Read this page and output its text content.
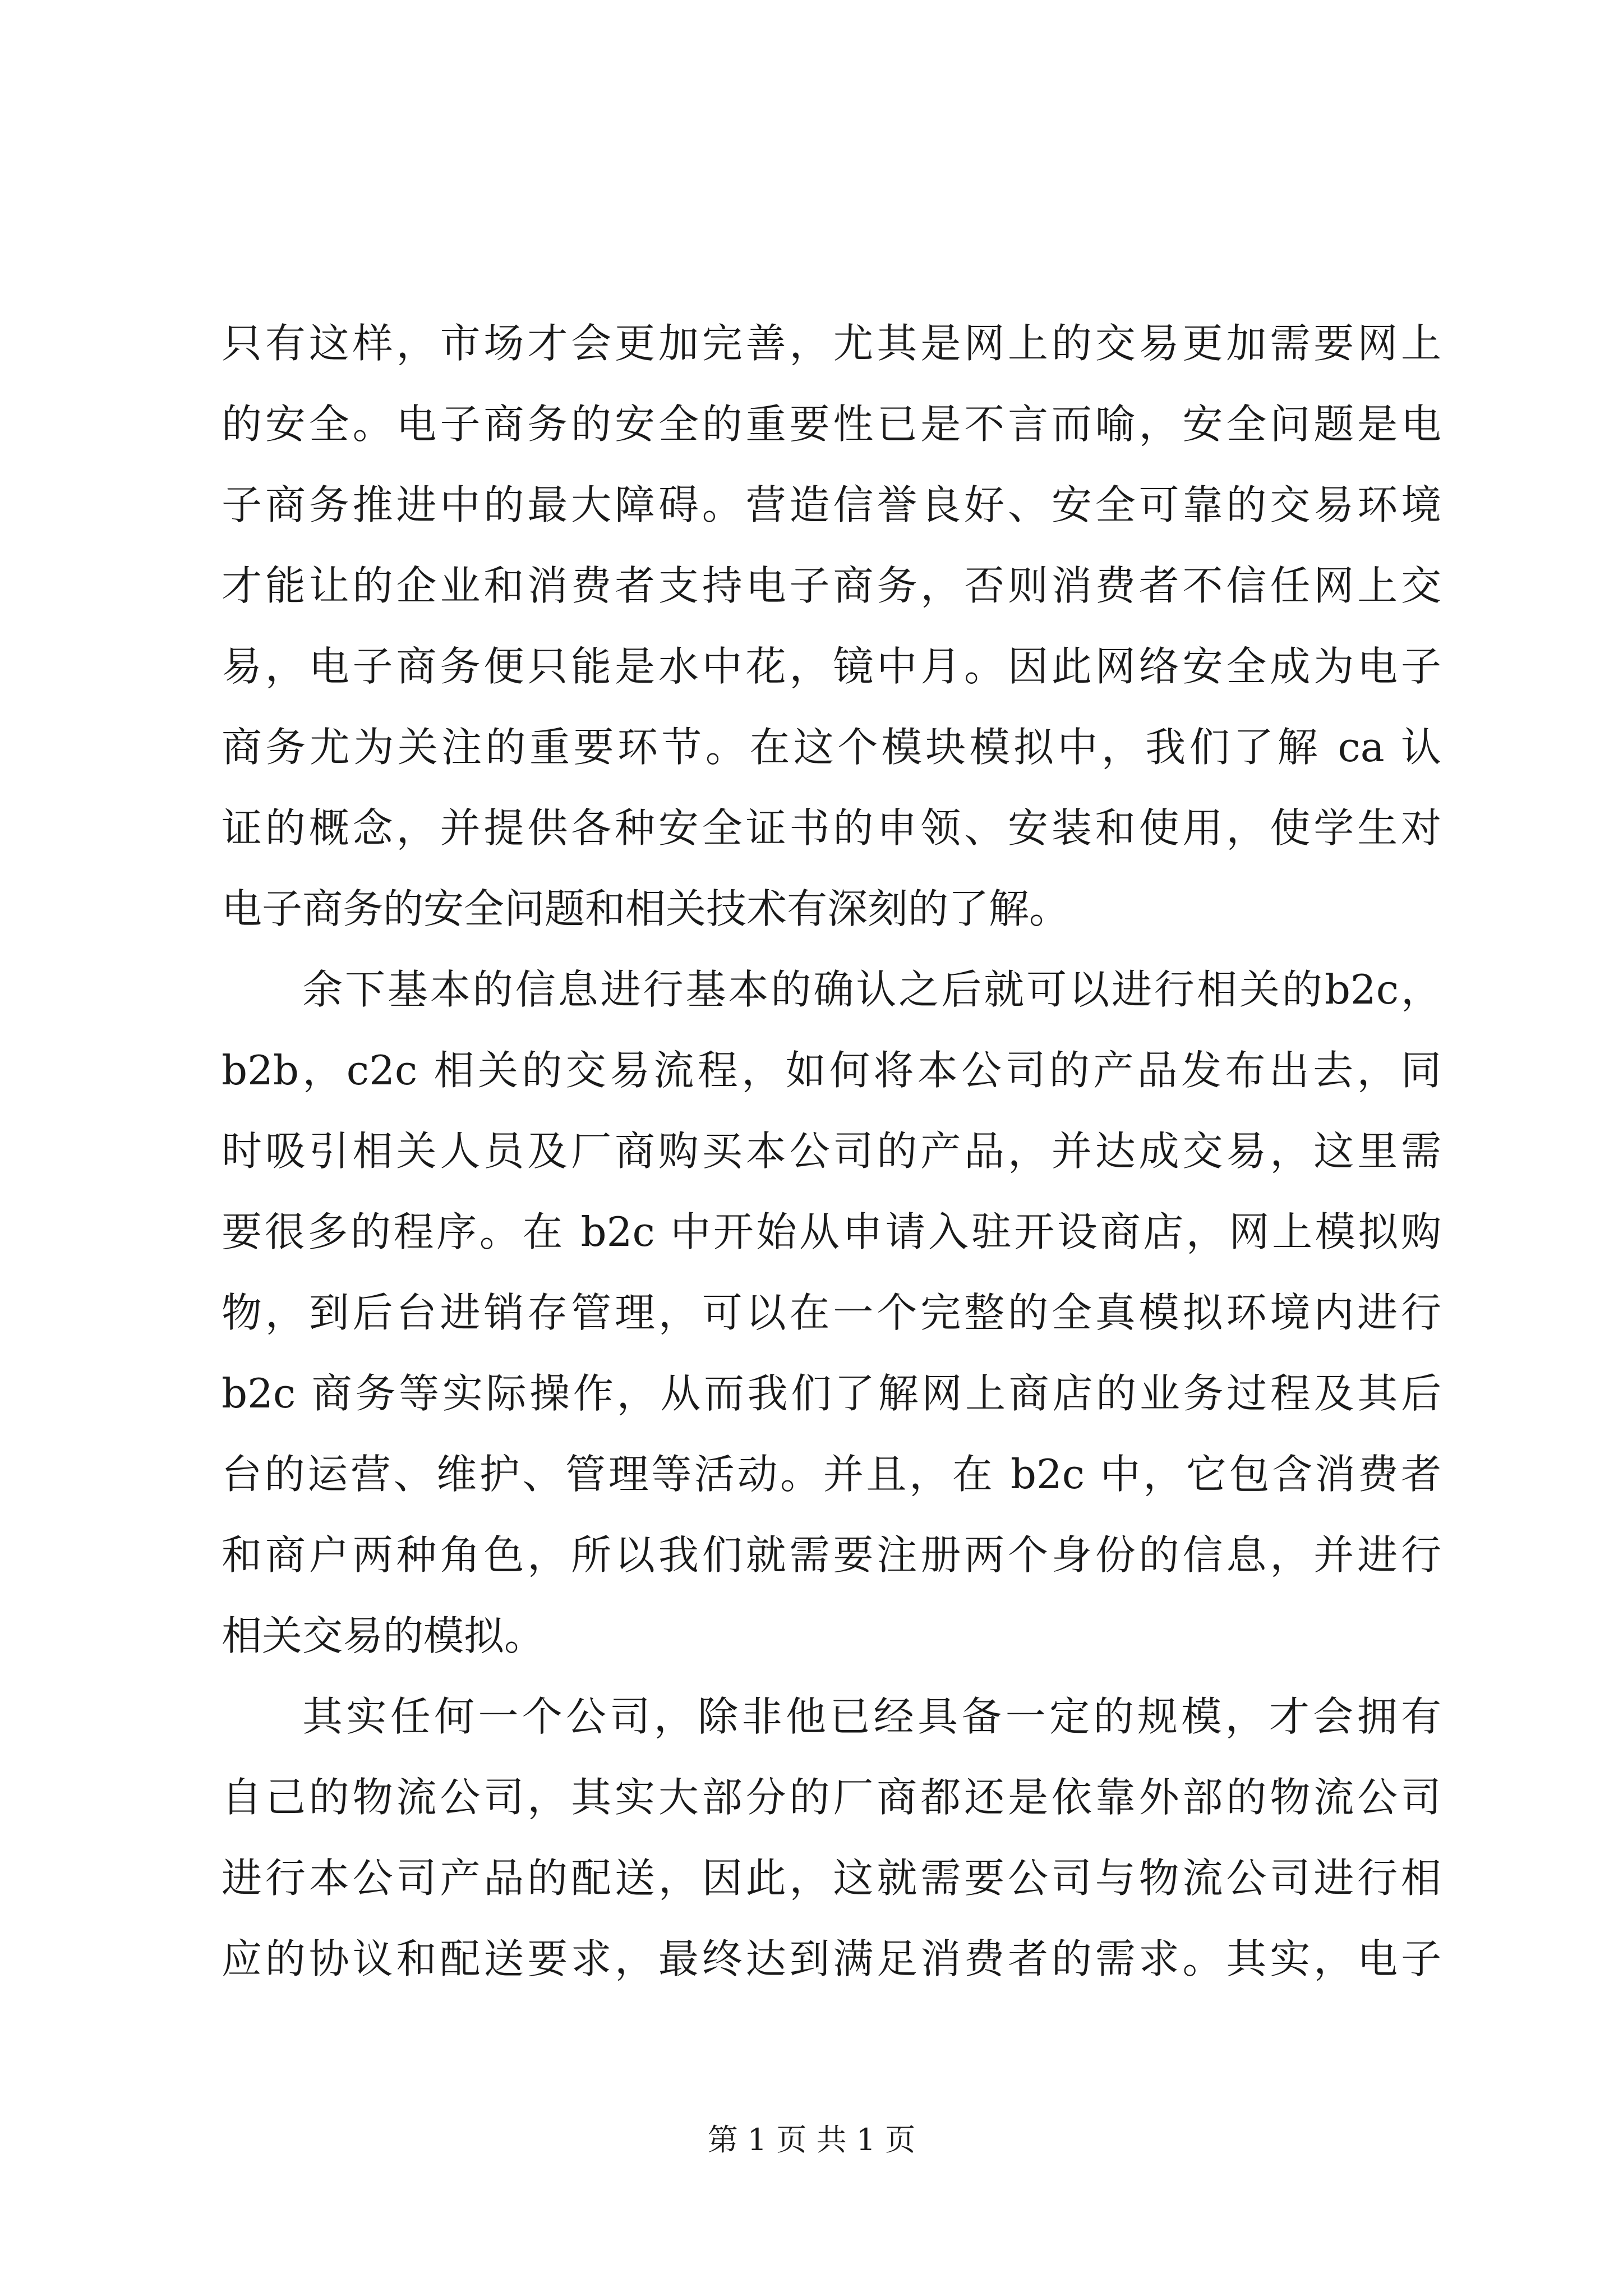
只有这样，市场才会更加完善，尤其是网上的交易更加需要网上
的安全。电子商务的安全的重要性已是不言而喻，安全问题是电
子商务推进中的最大障碍。营造信誉良好、安全可靠的交易环境
才能让的企业和消费者支持电子商务，否则消费者不信任网上交
易，电子商务便只能是水中花，镜中月。因此网络安全成为电子
商务尤为关注的重要环节。在这个模块模拟中，我们了解 ca 认
证的概念，并提供各种安全证书的申领、安装和使用，使学生对
电子商务的安全问题和相关技术有深刻的了解。
余下基本的信息进行基本的确认之后就可以进行相关的b2c，
b2b，c2c 相关的交易流程，如何将本公司的产品发布出去，同
时吸引相关人员及厂商购买本公司的产品，并达成交易，这里需
要很多的程序。在 b2c 中开始从申请入驻开设商店，网上模拟购
物，到后台进销存管理，可以在一个完整的全真模拟环境内进行
b2c 商务等实际操作，从而我们了解网上商店的业务过程及其后
台的运营、维护、管理等活动。并且，在 b2c 中，它包含消费者
和商户两种角色，所以我们就需要注册两个身份的信息，并进行
相关交易的模拟。
其实任何一个公司，除非他已经具备一定的规模，才会拥有
自己的物流公司，其实大部分的厂商都还是依靠外部的物流公司
进行本公司产品的配送，因此，这就需要公司与物流公司进行相
应的协议和配送要求，最终达到满足消费者的需求。其实，电子
第 1 页 共 1 页
